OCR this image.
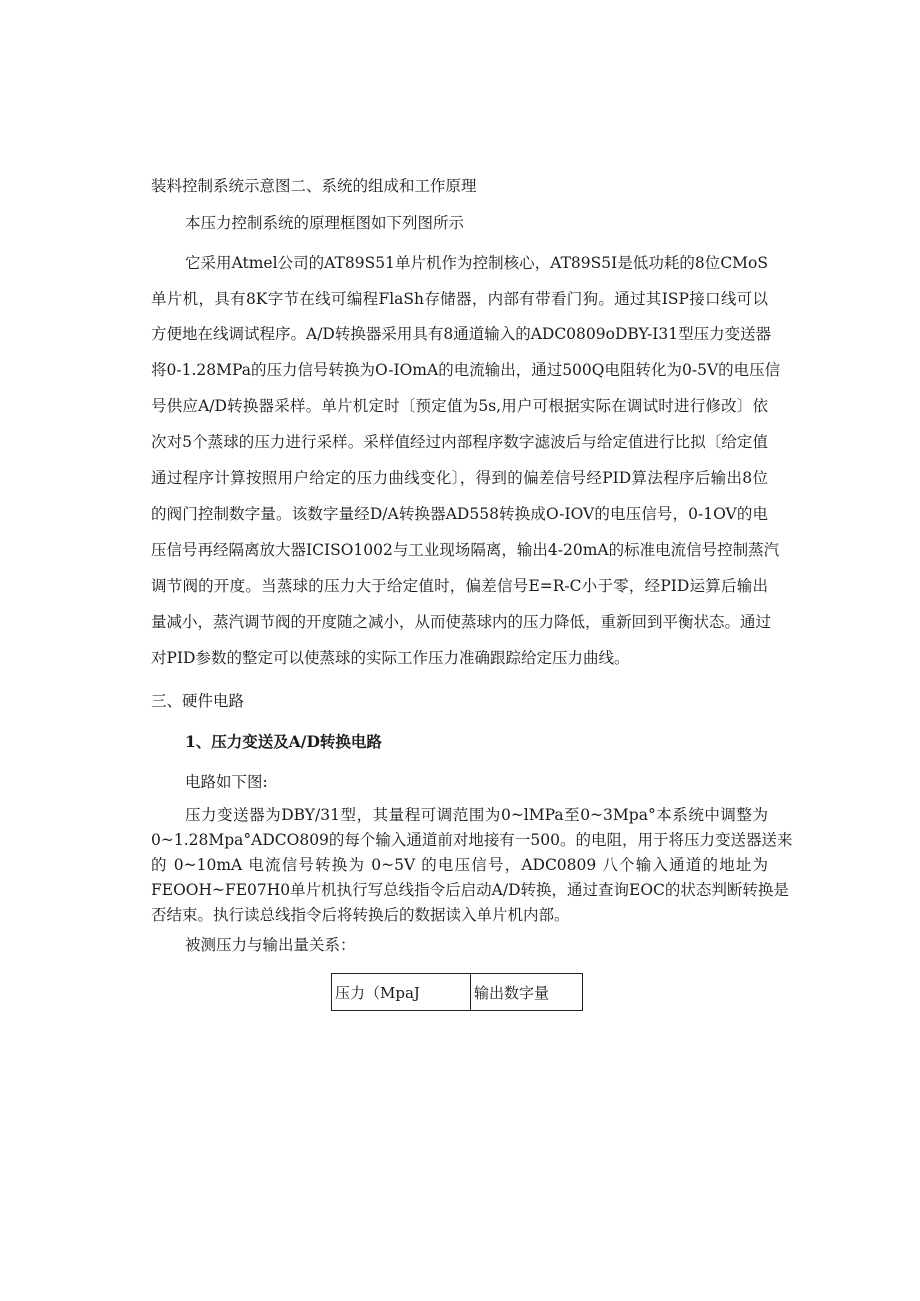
装料控制系统示意图二、系统的组成和工作原理
本压力控制系统的原理框图如下列图所示
它采用Atmel公司的AT89S51单片机作为控制核心，AT89S5I是低功耗的8位CMoS
单片机，具有8K字节在线可编程FlaSh存储器，内部有带看门狗。通过其ISP接口线可以
方便地在线调试程序。A/D转换器采用具有8通道输入的ADC0809oDBY-I31型压力变送器
将0-1.28MPa的压力信号转换为O-IOmA的电流输出，通过500Q电阻转化为0-5V的电压信
号供应A/D转换器采样。单片机定时〔预定值为5s,用户可根据实际在调试时进行修改〕依
次对5个蒸球的压力进行采样。采样值经过内部程序数字滤波后与给定值进行比拟〔给定值
通过程序计算按照用户给定的压力曲线变化〕，得到的偏差信号经PID算法程序后输出8位
的阀门控制数字量。该数字量经D/A转换器AD558转换成O-IOV的电压信号，0-1OV的电
压信号再经隔离放大器ICISO1002与工业现场隔离，输出4-20mA的标准电流信号控制蒸汽
调节阀的开度。当蒸球的压力大于给定值时，偏差信号E=R-C小于零，经PID运算后输出
量减小，蒸汽调节阀的开度随之减小，从而使蒸球内的压力降低，重新回到平衡状态。通过
对PID参数的整定可以使蒸球的实际工作压力准确跟踪给定压力曲线。
三、硬件电路
1、压力变送及A/D转换电路
电路如下图:
压力变送器为DBY/31型，其量程可调范围为0~lMPa至0~3Mpa°本系统中调整为
0~1.28Mpa°ADCO809的每个输入通道前对地接有一500。的电阻，用于将压力变送器送来
的 0~10mA 电流信号转换为 0~5V 的电压信号，ADC0809 八个输入通道的地址为
FEOOH~FE07H0单片机执行写总线指令后启动A/D转换，通过查询EOC的状态判断转换是
否结束。执行读总线指令后将转换后的数据读入单片机内部。
被测压力与输出量关系：
压力（MpaJ	输出数字量
